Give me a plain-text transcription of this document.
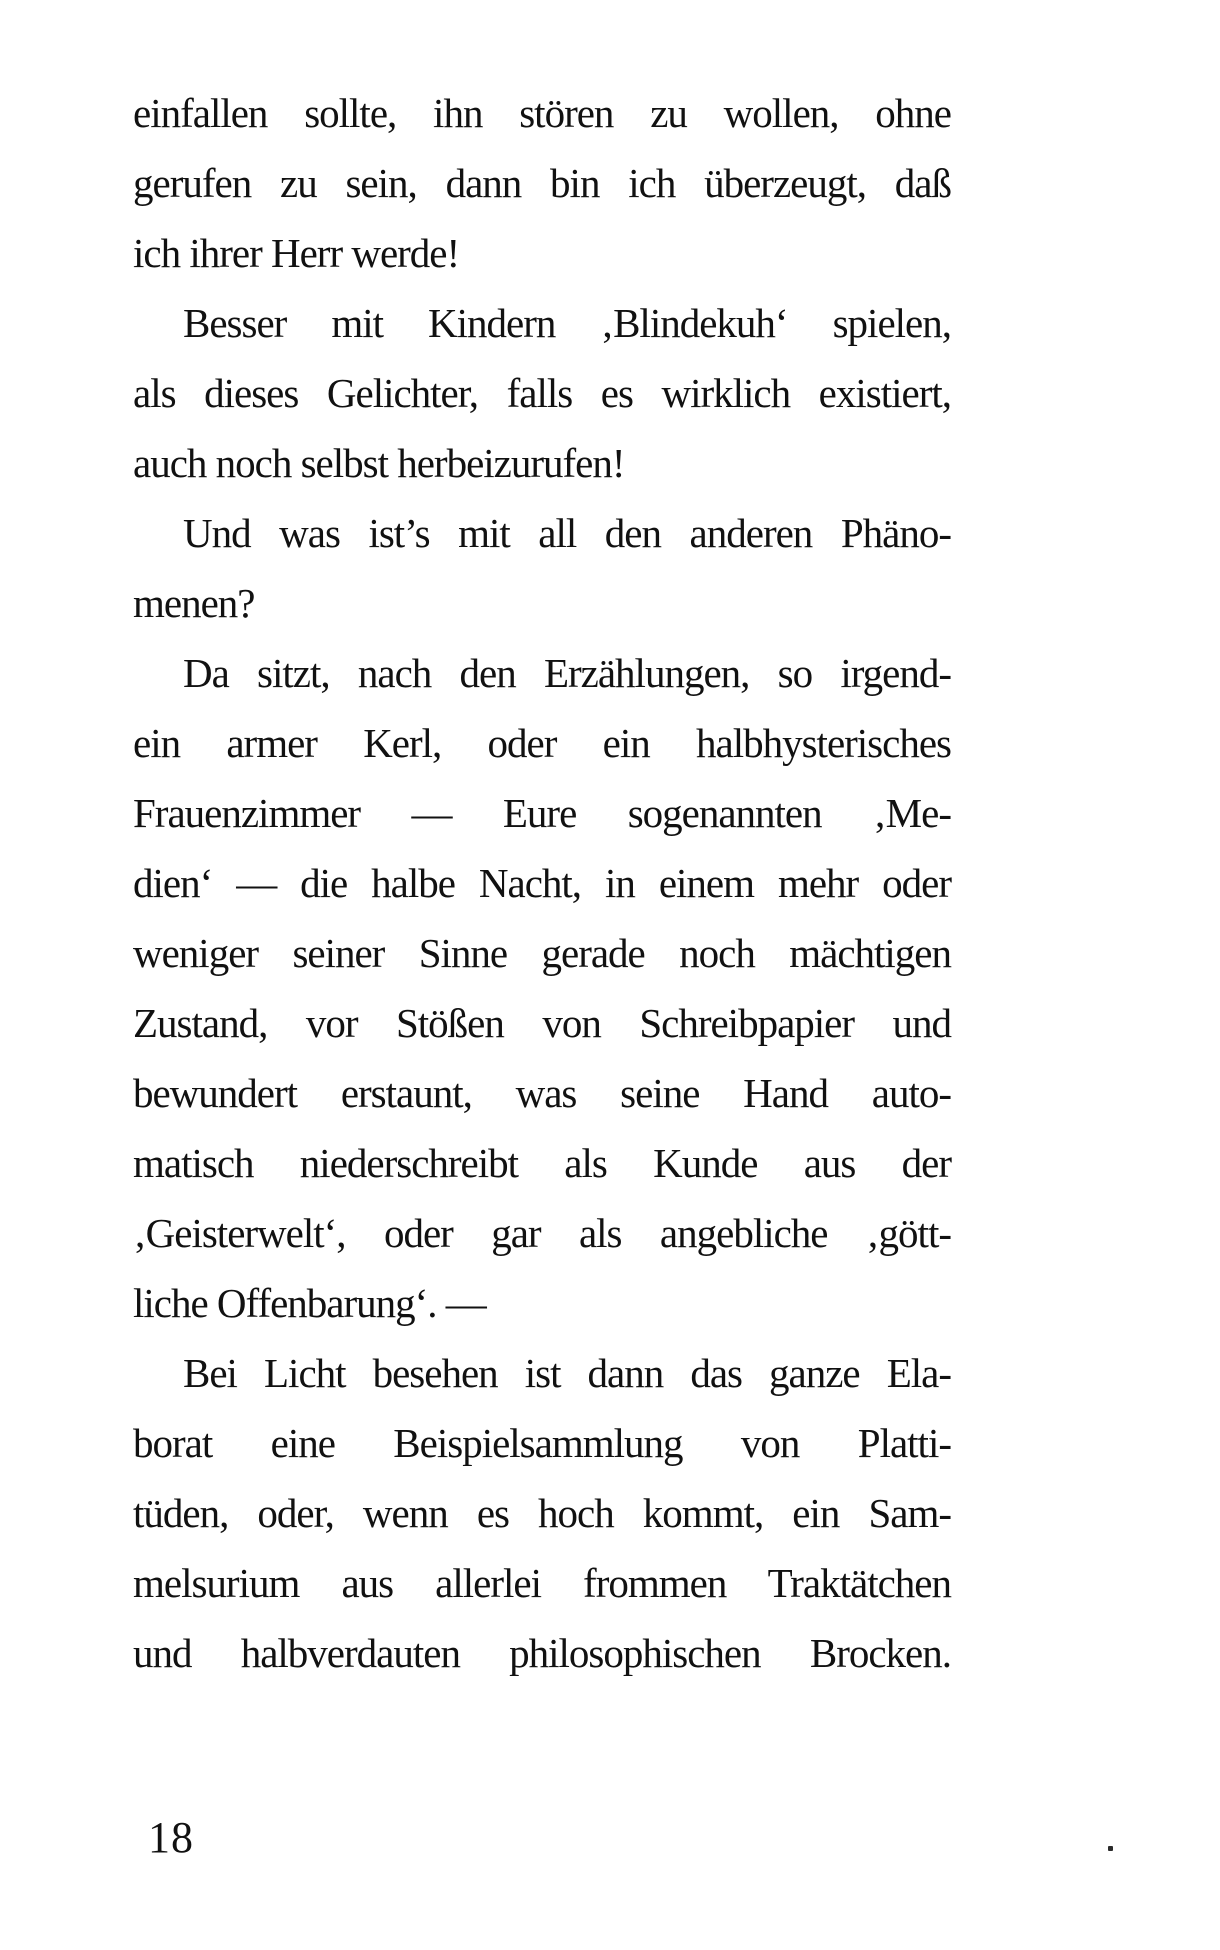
einfallen sollte, ihn stören zu wollen, ohne
gerufen zu sein, dann bin ich überzeugt, daß
ich ihrer Herr werde!
Besser mit Kindern ‚Blindekuh‘ spielen,
als dieses Gelichter, falls es wirklich existiert,
auch noch selbst herbeizurufen!
Und was ist’s mit all den anderen Phäno-
menen?
Da sitzt, nach den Erzählungen, so irgend-
ein armer Kerl, oder ein halbhysterisches
Frauenzimmer — Eure sogenannten ‚Me-
dien‘ — die halbe Nacht, in einem mehr oder
weniger seiner Sinne gerade noch mächtigen
Zustand, vor Stößen von Schreibpapier und
bewundert erstaunt, was seine Hand auto-
matisch niederschreibt als Kunde aus der
‚Geisterwelt‘, oder gar als angebliche ‚gött-
liche Offenbarung‘. —
Bei Licht besehen ist dann das ganze Ela-
borat eine Beispielsammlung von Platti-
tüden, oder, wenn es hoch kommt, ein Sam-
melsurium aus allerlei frommen Traktätchen
und halbverdauten philosophischen Brocken.
18
